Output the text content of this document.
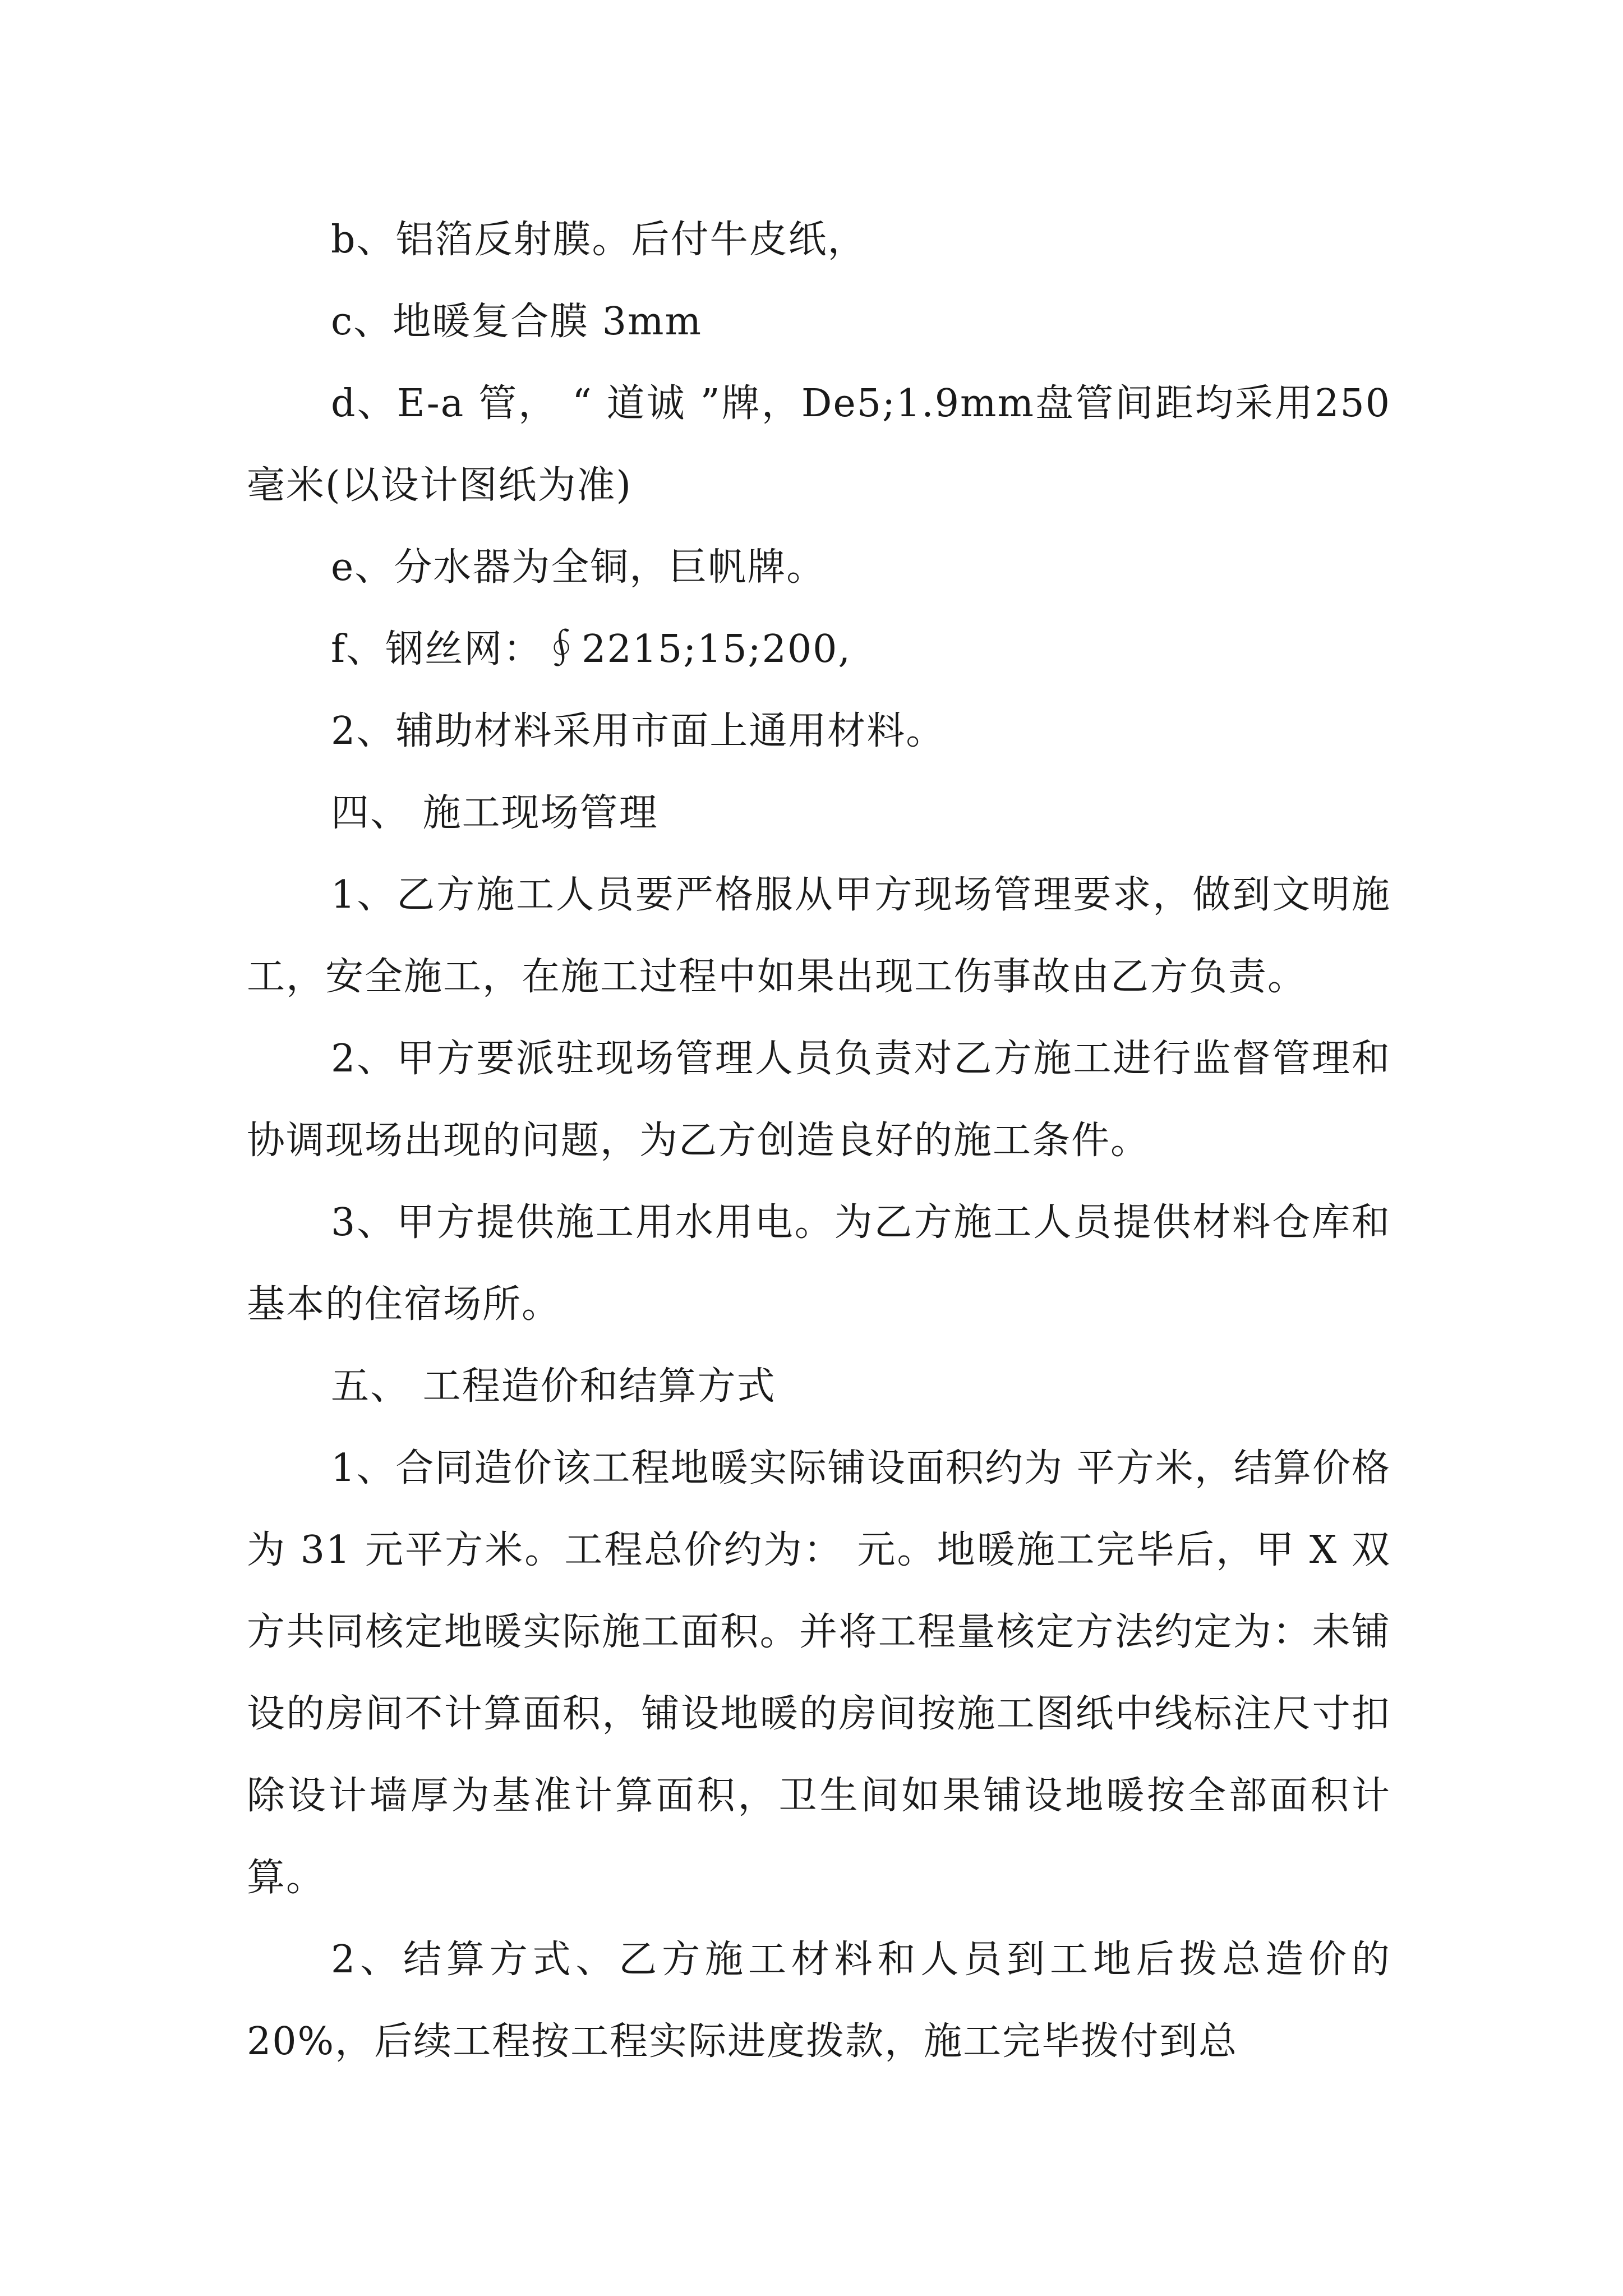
b、铝箔反射膜。后付牛皮纸，

c、地暖复合膜 3mm

d、E-a 管， “ 道诚 ”牌，De5;1.9mm盘管间距均采用250 毫米(以设计图纸为准)

e、分水器为全铜，巨帆牌。

f、钢丝网：∮2215;15;200,

2、辅助材料采用市面上通用材料。

四、 施工现场管理

1、乙方施工人员要严格服从甲方现场管理要求，做到文明施工，安全施工，在施工过程中如果出现工伤事故由乙方负责。

2、甲方要派驻现场管理人员负责对乙方施工进行监督管理和协调现场出现的问题，为乙方创造良好的施工条件。

3、甲方提供施工用水用电。为乙方施工人员提供材料仓库和基本的住宿场所。

五、 工程造价和结算方式

1、合同造价该工程地暖实际铺设面积约为 平方米，结算价格为 31 元平方米。工程总价约为： 元。地暖施工完毕后，甲 X 双方共同核定地暖实际施工面积。并将工程量核定方法约定为：未铺设的房间不计算面积，铺设地暖的房间按施工图纸中线标注尺寸扣除设计墙厚为基准计算面积，卫生间如果铺设地暖按全部面积计算。

2、结算方式、乙方施工材料和人员到工地后拨总造价的 20%，后续工程按工程实际进度拨款，施工完毕拨付到总
